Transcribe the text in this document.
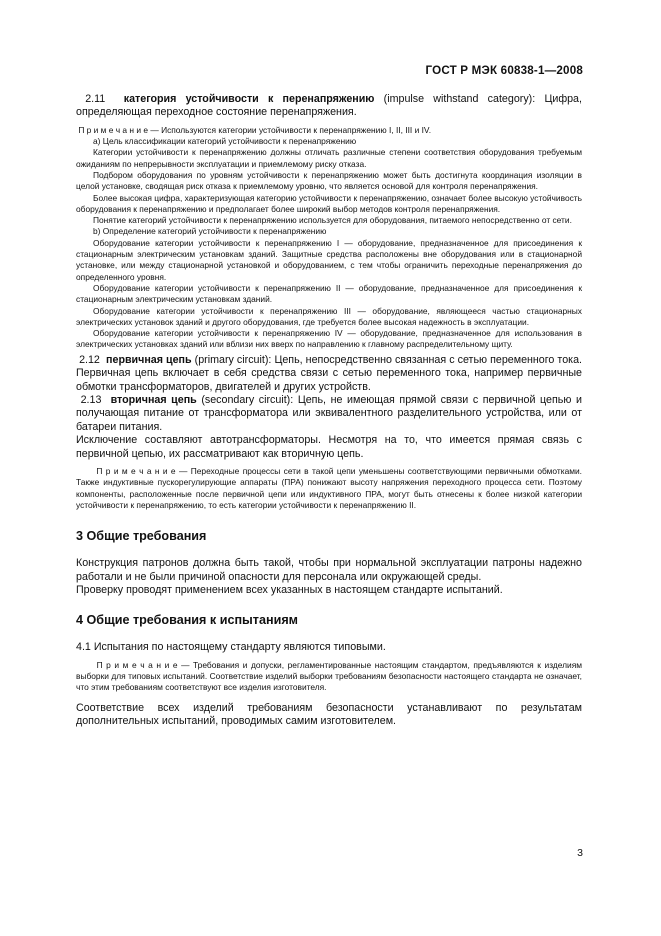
ГОСТ Р МЭК 60838-1—2008

2.11 категория устойчивости к перенапряжению (impulse withstand category): Цифра, определяющая переходное состояние перенапряжения.

П р и м е ч а н и е — Используются категории устойчивости к перенапряжению I, II, III и IV.

а) Цель классификации категорий устойчивости к перенапряжению

Категории устойчивости к перенапряжению должны отличать различные степени соответствия оборудования требуемым ожиданиям по непрерывности эксплуатации и приемлемому риску отказа.

Подбором оборудования по уровням устойчивости к перенапряжению может быть достигнута координация изоляции в целой установке, сводящая риск отказа к приемлемому уровню, что является основой для контроля перенапряжения.

Более высокая цифра, характеризующая категорию устойчивости к перенапряжению, означает более высокую устойчивость оборудования к перенапряжению и предполагает более широкий выбор методов контроля перенапряжения.

Понятие категорий устойчивости к перенапряжению используется для оборудования, питаемого непосредственно от сети.

b) Определение категорий устойчивости к перенапряжению

Оборудование категории устойчивости к перенапряжению I — оборудование, предназначенное для присоединения к стационарным электрическим установкам зданий. Защитные средства расположены вне оборудования или в стационарной установке, или между стационарной установкой и оборудованием, с тем чтобы ограничить переходные перенапряжения до определенного уровня.

Оборудование категории устойчивости к перенапряжению II — оборудование, предназначенное для присоединения к стационарным электрическим установкам зданий.

Оборудование категории устойчивости к перенапряжению III — оборудование, являющееся частью стационарных электрических установок зданий и другого оборудования, где требуется более высокая надежность в эксплуатации.

Оборудование категории устойчивости к перенапряжению IV — оборудование, предназначенное для использования в электрических установках зданий или вблизи них вверх по направлению к главному распределительному щиту.

2.12 первичная цепь (primary circuit): Цепь, непосредственно связанная с сетью переменного тока. Первичная цепь включает в себя средства связи с сетью переменного тока, например первичные обмотки трансформаторов, двигателей и других устройств.

2.13 вторичная цепь (secondary circuit): Цепь, не имеющая прямой связи с первичной цепью и получающая питание от трансформатора или эквивалентного разделительного устройства, или от батареи питания.

Исключение составляют автотрансформаторы. Несмотря на то, что имеется прямая связь с первичной цепью, их рассматривают как вторичную цепь.

П р и м е ч а н и е — Переходные процессы сети в такой цепи уменьшены соответствующими первичными обмотками. Также индуктивные пускорегулирующие аппараты (ПРА) понижают высоту напряжения переходного процесса сети. Поэтому компоненты, расположенные после первичной цепи или индуктивного ПРА, могут быть отнесены к более низкой категории устойчивости к перенапряжению, то есть категории устойчивости к перенапряжению II.

3 Общие требования

Конструкция патронов должна быть такой, чтобы при нормальной эксплуатации патроны надежно работали и не были причиной опасности для персонала или окружающей среды.

Проверку проводят применением всех указанных в настоящем стандарте испытаний.

4 Общие требования к испытаниям

4.1 Испытания по настоящему стандарту являются типовыми.

П р и м е ч а н и е — Требования и допуски, регламентированные настоящим стандартом, предъявляются к изделиям выборки для типовых испытаний. Соответствие изделий выборки требованиям безопасности настоящего стандарта не означает, что этим требованиям соответствуют все изделия изготовителя.

Соответствие всех изделий требованиям безопасности устанавливают по результатам дополнительных испытаний, проводимых самим изготовителем.

3
